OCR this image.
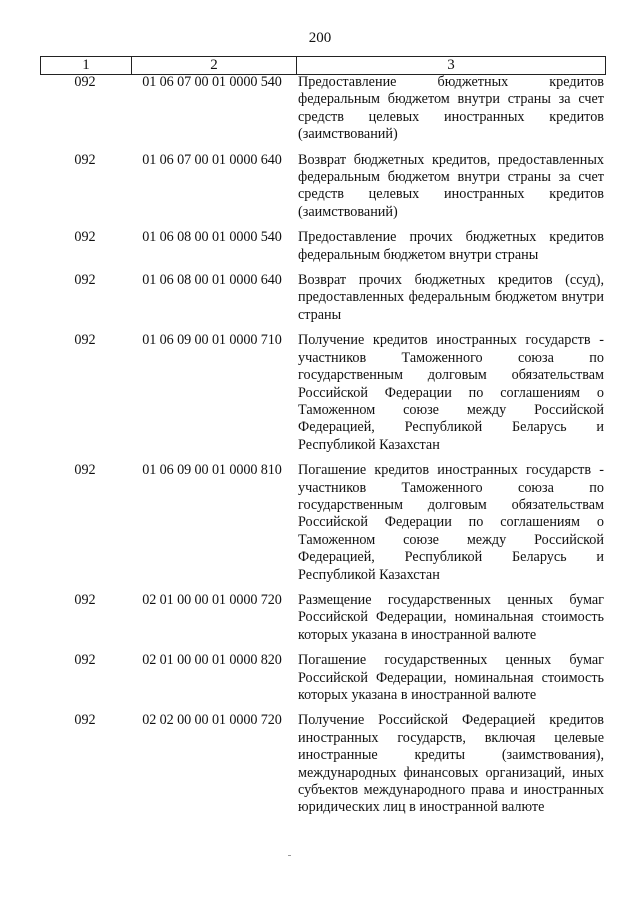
200
1	2	3
092	01 06 07 00 01 0000 540	Предоставление бюджетных кредитов федеральным бюджетом внутри страны за счет средств целевых иностранных кредитов (заимствований)
092	01 06 07 00 01 0000 640	Возврат бюджетных кредитов, предоставленных федеральным бюджетом внутри страны за счет средств целевых иностранных кредитов (заимствований)
092	01 06 08 00 01 0000 540	Предоставление прочих бюджетных кредитов федеральным бюджетом внутри страны
092	01 06 08 00 01 0000 640	Возврат прочих бюджетных кредитов (ссуд), предоставленных федеральным бюджетом внутри страны
092	01 06 09 00 01 0000 710	Получение кредитов иностранных государств - участников Таможенного союза по государственным долговым обязательствам Российской Федерации по соглашениям о Таможенном союзе между Российской Федерацией, Республикой Беларусь и Республикой Казахстан
092	01 06 09 00 01 0000 810	Погашение кредитов иностранных государств - участников Таможенного союза по государственным долговым обязательствам Российской Федерации по соглашениям о Таможенном союзе между Российской Федерацией, Республикой Беларусь и Республикой Казахстан
092	02 01 00 00 01 0000 720	Размещение государственных ценных бумаг Российской Федерации, номинальная стоимость которых указана в иностранной валюте
092	02 01 00 00 01 0000 820	Погашение государственных ценных бумаг Российской Федерации, номинальная стоимость которых указана в иностранной валюте
092	02 02 00 00 01 0000 720	Получение Российской Федерацией кредитов иностранных государств, включая целевые иностранные кредиты (заимствования), международных финансовых организаций, иных субъектов международного права и иностранных юридических лиц в иностранной валюте
